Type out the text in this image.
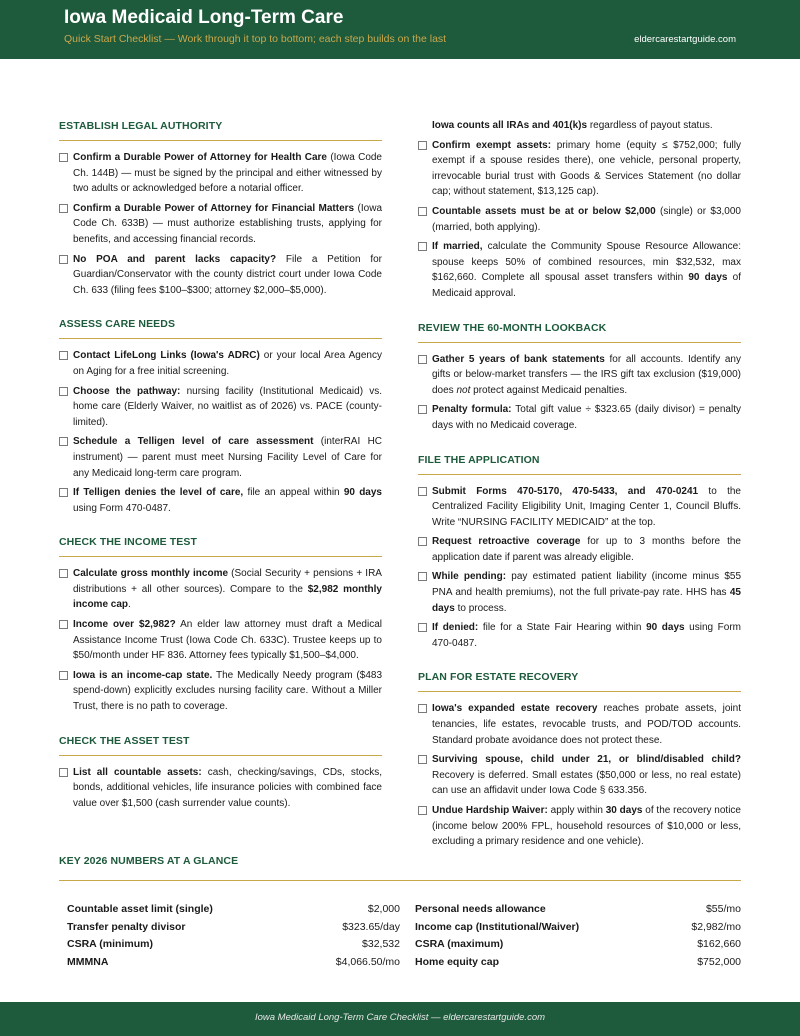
Iowa Medicaid Long-Term Care
Quick Start Checklist — Work through it top to bottom; each step builds on the last	eldercarestartguide.com
ESTABLISH LEGAL AUTHORITY
Confirm a Durable Power of Attorney for Health Care (Iowa Code Ch. 144B) — must be signed by the principal and either witnessed by two adults or acknowledged before a notarial officer.
Confirm a Durable Power of Attorney for Financial Matters (Iowa Code Ch. 633B) — must authorize establishing trusts, applying for benefits, and accessing financial records.
No POA and parent lacks capacity? File a Petition for Guardian/Conservator with the county district court under Iowa Code Ch. 633 (filing fees $100–$300; attorney $2,000–$5,000).
ASSESS CARE NEEDS
Contact LifeLong Links (Iowa's ADRC) or your local Area Agency on Aging for a free initial screening.
Choose the pathway: nursing facility (Institutional Medicaid) vs. home care (Elderly Waiver, no waitlist as of 2026) vs. PACE (county-limited).
Schedule a Telligen level of care assessment (interRAI HC instrument) — parent must meet Nursing Facility Level of Care for any Medicaid long-term care program.
If Telligen denies the level of care, file an appeal within 90 days using Form 470-0487.
CHECK THE INCOME TEST
Calculate gross monthly income (Social Security + pensions + IRA distributions + all other sources). Compare to the $2,982 monthly income cap.
Income over $2,982? An elder law attorney must draft a Medical Assistance Income Trust (Iowa Code Ch. 633C). Trustee keeps up to $50/month under HF 836. Attorney fees typically $1,500–$4,000.
Iowa is an income-cap state. The Medically Needy program ($483 spend-down) explicitly excludes nursing facility care. Without a Miller Trust, there is no path to coverage.
CHECK THE ASSET TEST
List all countable assets: cash, checking/savings, CDs, stocks, bonds, additional vehicles, life insurance policies with combined face value over $1,500 (cash surrender value counts).
Iowa counts all IRAs and 401(k)s regardless of payout status.
Confirm exempt assets: primary home (equity ≤ $752,000; fully exempt if a spouse resides there), one vehicle, personal property, irrevocable burial trust with Goods & Services Statement (no dollar cap; without statement, $13,125 cap).
Countable assets must be at or below $2,000 (single) or $3,000 (married, both applying).
If married, calculate the Community Spouse Resource Allowance: spouse keeps 50% of combined resources, min $32,532, max $162,660. Complete all spousal asset transfers within 90 days of Medicaid approval.
REVIEW THE 60-MONTH LOOKBACK
Gather 5 years of bank statements for all accounts. Identify any gifts or below-market transfers — the IRS gift tax exclusion ($19,000) does not protect against Medicaid penalties.
Penalty formula: Total gift value ÷ $323.65 (daily divisor) = penalty days with no Medicaid coverage.
FILE THE APPLICATION
Submit Forms 470-5170, 470-5433, and 470-0241 to the Centralized Facility Eligibility Unit, Imaging Center 1, Council Bluffs. Write “NURSING FACILITY MEDICAID” at the top.
Request retroactive coverage for up to 3 months before the application date if parent was already eligible.
While pending: pay estimated patient liability (income minus $55 PNA and health premiums), not the full private-pay rate. HHS has 45 days to process.
If denied: file for a State Fair Hearing within 90 days using Form 470-0487.
PLAN FOR ESTATE RECOVERY
Iowa's expanded estate recovery reaches probate assets, joint tenancies, life estates, revocable trusts, and POD/TOD accounts. Standard probate avoidance does not protect these.
Surviving spouse, child under 21, or blind/disabled child? Recovery is deferred. Small estates ($50,000 or less, no real estate) can use an affidavit under Iowa Code § 633.356.
Undue Hardship Waiver: apply within 30 days of the recovery notice (income below 200% FPL, household resources of $10,000 or less, excluding a primary residence and one vehicle).
KEY 2026 NUMBERS AT A GLANCE
Countable asset limit (single)	$2,000
Transfer penalty divisor	$323.65/day
CSRA (minimum)	$32,532
MMMNA	$4,066.50/mo
Personal needs allowance	$55/mo
Income cap (Institutional/Waiver)	$2,982/mo
CSRA (maximum)	$162,660
Home equity cap	$752,000
Iowa Medicaid Long-Term Care Checklist — eldercarestartguide.com
